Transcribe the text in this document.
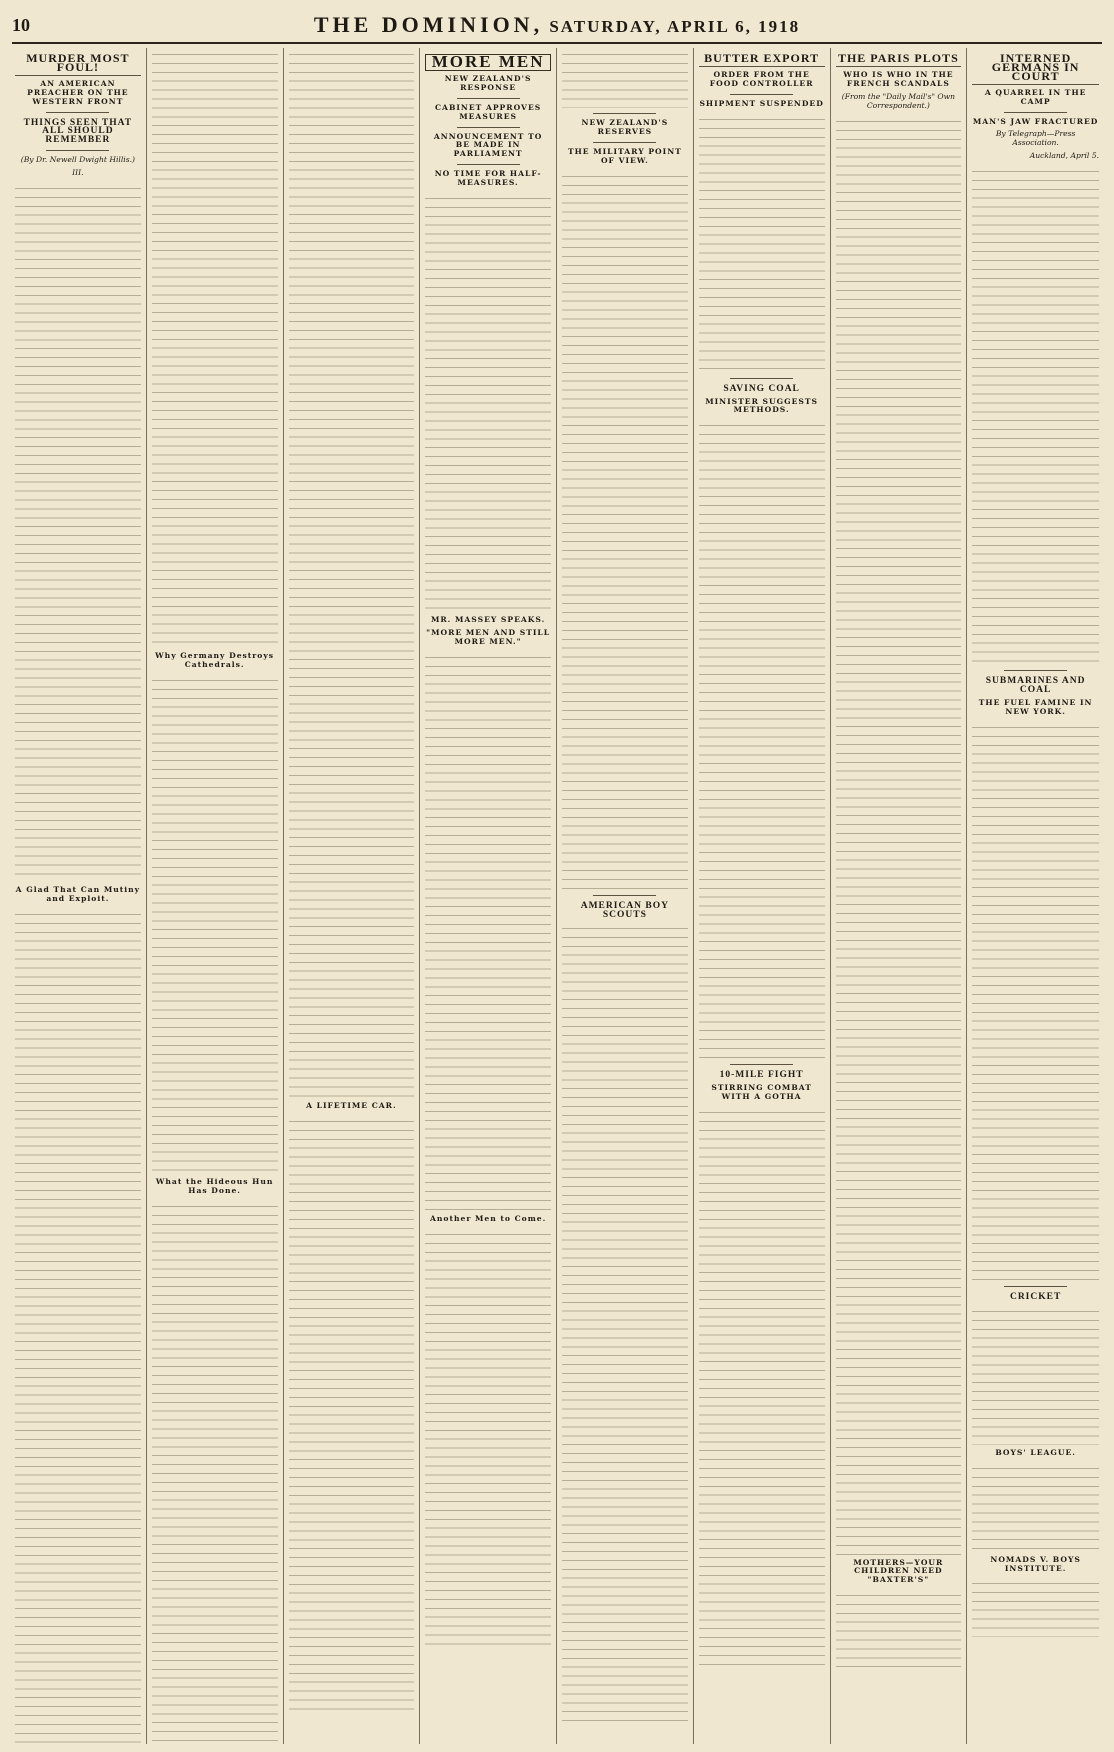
10	THE DOMINION, SATURDAY, APRIL 6, 1918
MURDER MOST FOUL!
AN AMERICAN PREACHER ON THE WESTERN FRONT
THINGS SEEN THAT ALL SHOULD REMEMBER
(By Dr. Newell Dwight Hillis.)
III.
A Glad That Can Mutiny and Exploit.
Why Germany Destroys Cathedrals.
What the Hideous Hun Has Done.
A LIFETIME CAR.
MORE MEN
NEW ZEALAND'S RESPONSE
CABINET APPROVES MEASURES
ANNOUNCEMENT TO BE MADE IN PARLIAMENT
NO TIME FOR HALF-MEASURES.
MR. MASSEY SPEAKS.
"MORE MEN AND STILL MORE MEN."
Another Men to Come.
NEW ZEALAND'S RESERVES
THE MILITARY POINT OF VIEW.
AMERICAN BOY SCOUTS
BUTTER EXPORT
ORDER FROM THE FOOD CONTROLLER
SHIPMENT SUSPENDED
SAVING COAL
MINISTER SUGGESTS METHODS.
10-MILE FIGHT
STIRRING COMBAT WITH A GOTHA
THE PARIS PLOTS
WHO IS WHO IN THE FRENCH SCANDALS
(From the "Daily Mail's" Own Correspondent.)
MOTHERS—YOUR CHILDREN NEED "BAXTER'S"
INTERNED GERMANS IN COURT
A QUARREL IN THE CAMP
MAN'S JAW FRACTURED
By Telegraph—Press Association.
Auckland, April 5.
SUBMARINES AND COAL
THE FUEL FAMINE IN NEW YORK.
CRICKET
BOYS' LEAGUE.
NOMADS V. BOYS INSTITUTE.
